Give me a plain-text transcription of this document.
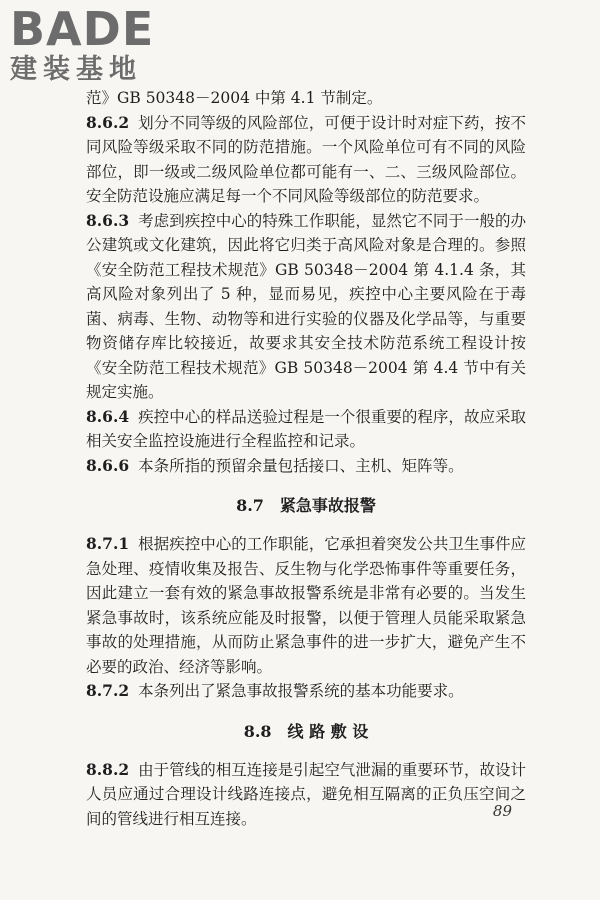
BADE
建装基地

范》GB 50348－2004 中第 4.1 节制定。

8.6.2 划分不同等级的风险部位，可便于设计时对症下药，按不同风险等级采取不同的防范措施。一个风险单位可有不同的风险部位，即一级或二级风险单位都可能有一、二、三级风险部位。安全防范设施应满足每一个不同风险等级部位的防范要求。

8.6.3 考虑到疾控中心的特殊工作职能，显然它不同于一般的办公建筑或文化建筑，因此将它归类于高风险对象是合理的。参照《安全防范工程技术规范》GB 50348－2004 第 4.1.4 条，其高风险对象列出了 5 种，显而易见，疾控中心主要风险在于毒菌、病毒、生物、动物等和进行实验的仪器及化学品等，与重要物资储存库比较接近，故要求其安全技术防范系统工程设计按《安全防范工程技术规范》GB 50348－2004 第 4.4 节中有关规定实施。

8.6.4 疾控中心的样品送验过程是一个很重要的程序，故应采取相关安全监控设施进行全程监控和记录。

8.6.6 本条所指的预留余量包括接口、主机、矩阵等。

8.7　紧急事故报警

8.7.1 根据疾控中心的工作职能，它承担着突发公共卫生事件应急处理、疫情收集及报告、反生物与化学恐怖事件等重要任务，因此建立一套有效的紧急事故报警系统是非常有必要的。当发生紧急事故时，该系统应能及时报警，以便于管理人员能采取紧急事故的处理措施，从而防止紧急事件的进一步扩大，避免产生不必要的政治、经济等影响。

8.7.2 本条列出了紧急事故报警系统的基本功能要求。

8.8　线 路 敷 设

8.8.2 由于管线的相互连接是引起空气泄漏的重要环节，故设计人员应通过合理设计线路连接点，避免相互隔离的正负压空间之间的管线进行相互连接。	89
